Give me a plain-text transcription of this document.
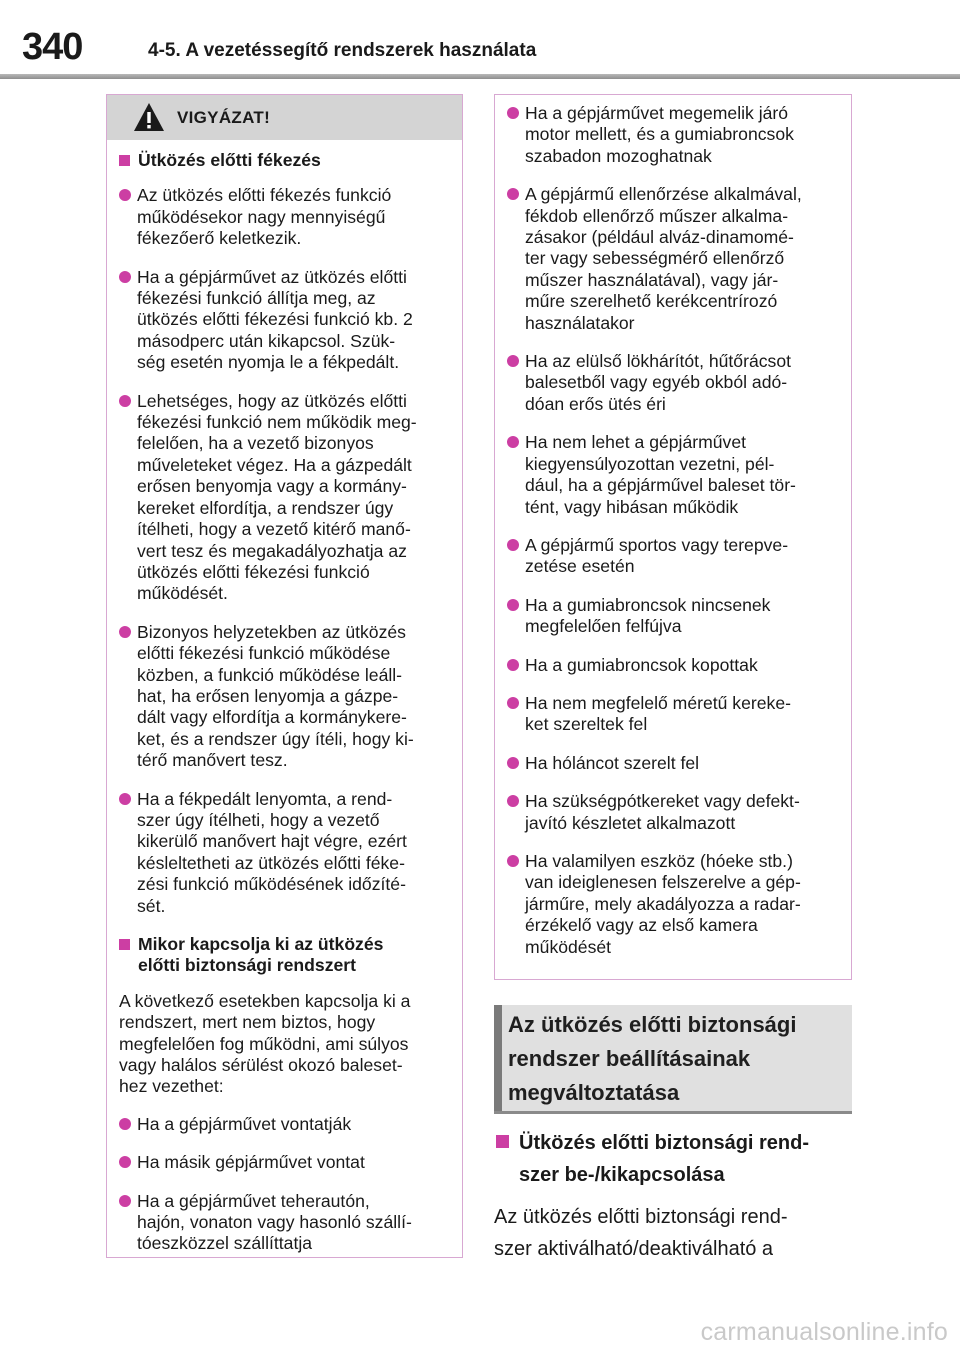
340	4-5. A vezetéssegítő rendszerek használata
VIGYÁZAT!
Ütközés előtti fékezés
Az ütközés előtti fékezés funkció
működésekor nagy mennyiségű
fékezőerő keletkezik.
Ha a gépjárművet az ütközés előtti
fékezési funkció állítja meg, az
ütközés előtti fékezési funkció kb. 2
másodperc után kikapcsol. Szük-
ség esetén nyomja le a fékpedált.
Lehetséges, hogy az ütközés előtti
fékezési funkció nem működik meg-
felelően, ha a vezető bizonyos
műveleteket végez. Ha a gázpedált
erősen benyomja vagy a kormány-
kereket elfordítja, a rendszer úgy
ítélheti, hogy a vezető kitérő manő-
vert tesz és megakadályozhatja az
ütközés előtti fékezési funkció
működését.
Bizonyos helyzetekben az ütközés
előtti fékezési funkció működése
közben, a funkció működése leáll-
hat, ha erősen lenyomja a gázpe-
dált vagy elfordítja a kormánykere-
ket, és a rendszer úgy ítéli, hogy ki-
térő manővert tesz.
Ha a fékpedált lenyomta, a rend-
szer úgy ítélheti, hogy a vezető
kikerülő manővert hajt végre, ezért
késleltetheti az ütközés előtti féke-
zési funkció működésének időzíté-
sét.
Mikor kapcsolja ki az ütközés
előtti biztonsági rendszert
A következő esetekben kapcsolja ki a
rendszert, mert nem biztos, hogy
megfelelően fog működni, ami súlyos
vagy halálos sérülést okozó baleset-
hez vezethet:
Ha a gépjárművet vontatják
Ha másik gépjárművet vontat
Ha a gépjárművet teherautón,
hajón, vonaton vagy hasonló szállí-
tóeszközzel szállíttatja
Ha a gépjárművet megemelik járó
motor mellett, és a gumiabroncsok
szabadon mozoghatnak
A gépjármű ellenőrzése alkalmával,
fékdob ellenőrző műszer alkalma-
zásakor (például alváz-dinamomé-
ter vagy sebességmérő ellenőrző
műszer használatával), vagy jár-
műre szerelhető kerékcentrírozó
használatakor
Ha az elülső lökhárítót, hűtőrácsot
balesetből vagy egyéb okból adó-
dóan erős ütés éri
Ha nem lehet a gépjárművet
kiegyensúlyozottan vezetni, pél-
dául, ha a gépjárművel baleset tör-
tént, vagy hibásan működik
A gépjármű sportos vagy terepve-
zetése esetén
Ha a gumiabroncsok nincsenek
megfelelően felfújva
Ha a gumiabroncsok kopottak
Ha nem megfelelő méretű kereke-
ket szereltek fel
Ha hóláncot szerelt fel
Ha szükségpótkereket vagy defekt-
javító készletet alkalmazott
Ha valamilyen eszköz (hóeke stb.)
van ideiglenesen felszerelve a gép-
járműre, mely akadályozza a radar-
érzékelő vagy az első kamera
működését
Az ütközés előtti biztonsági
rendszer beállításainak
megváltoztatása
Ütközés előtti biztonsági rend-
szer be-/kikapcsolása
Az ütközés előtti biztonsági rend-
szer aktiválható/deaktiválható a
carmanualsonline.info
